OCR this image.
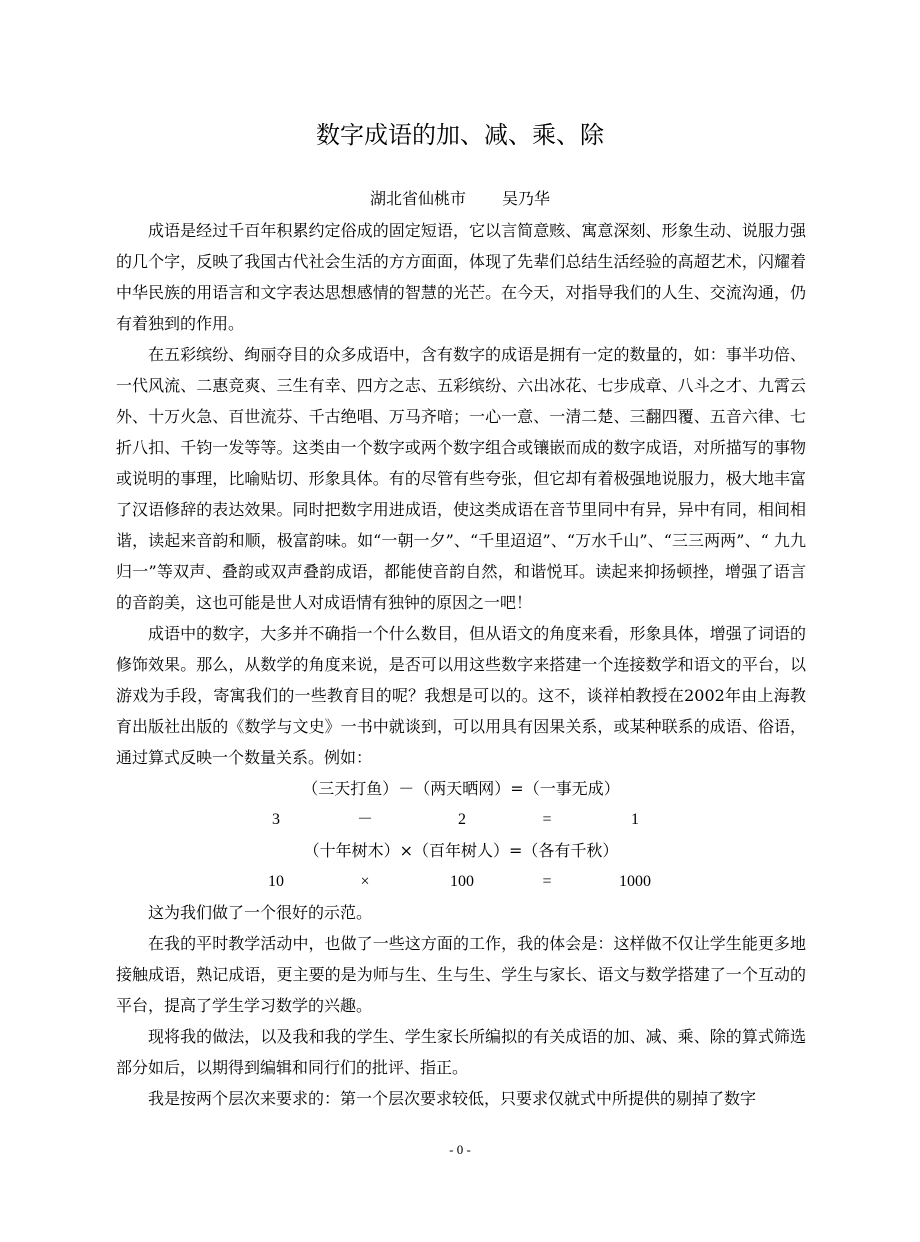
数字成语的加、减、乘、除
湖北省仙桃市 吴乃华

成语是经过千百年积累约定俗成的固定短语，它以言简意赅、寓意深刻、形象生动、说服力强的几个字，反映了我国古代社会生活的方方面面，体现了先辈们总结生活经验的高超艺术，闪耀着中华民族的用语言和文字表达思想感情的智慧的光芒。在今天，对指导我们的人生、交流沟通，仍有着独到的作用。

在五彩缤纷、绚丽夺目的众多成语中，含有数字的成语是拥有一定的数量的，如：事半功倍、一代风流、二惠竞爽、三生有幸、四方之志、五彩缤纷、六出冰花、七步成章、八斗之才、九霄云外、十万火急、百世流芬、千古绝唱、万马齐喑；一心一意、一清二楚、三翻四覆、五音六律、七折八扣、千钧一发等等。这类由一个数字或两个数字组合或镶嵌而成的数字成语，对所描写的事物或说明的事理，比喻贴切、形象具体。有的尽管有些夸张，但它却有着极强地说服力，极大地丰富了汉语修辞的表达效果。同时把数字用进成语，使这类成语在音节里同中有异，异中有同，相间相谐，读起来音韵和顺，极富韵味。如“一朝一夕”、“千里迢迢”、“万水千山”、“三三两两”、“ 九九归一”等双声、叠韵或双声叠韵成语，都能使音韵自然，和谐悦耳。读起来抑扬顿挫，增强了语言的音韵美，这也可能是世人对成语情有独钟的原因之一吧！

成语中的数字，大多并不确指一个什么数目，但从语文的角度来看，形象具体，增强了词语的修饰效果。那么，从数学的角度来说，是否可以用这些数字来搭建一个连接数学和语文的平台，以游戏为手段，寄寓我们的一些教育目的呢？我想是可以的。这不，谈祥柏教授在2002年由上海教育出版社出版的《数学与文史》一书中就谈到，可以用具有因果关系，或某种联系的成语、俗语，通过算式反映一个数量关系。例如：

（三天打鱼）－（两天晒网）=（一事无成）
3	－	2	=	1
（十年树木）×（百年树人）=（各有千秋）
10	×	100	=	1000

这为我们做了一个很好的示范。

在我的平时教学活动中，也做了一些这方面的工作，我的体会是：这样做不仅让学生能更多地接触成语，熟记成语，更主要的是为师与生、生与生、学生与家长、语文与数学搭建了一个互动的平台，提高了学生学习数学的兴趣。

现将我的做法，以及我和我的学生、学生家长所编拟的有关成语的加、减、乘、除的算式筛选部分如后，以期得到编辑和同行们的批评、指正。

我是按两个层次来要求的：第一个层次要求较低，只要求仅就式中所提供的剔掉了数字

- 0 -
